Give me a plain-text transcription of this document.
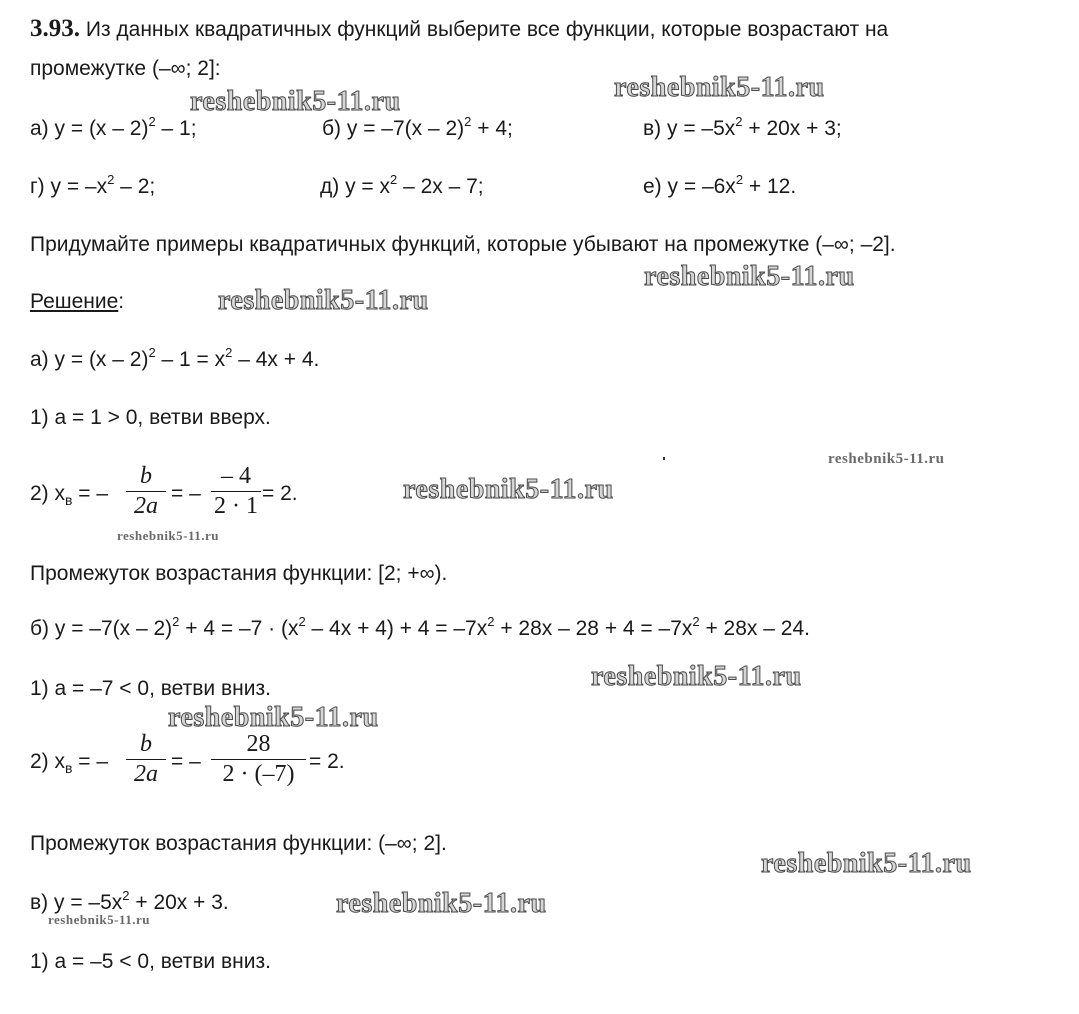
3.93. Из данных квадратичных функций выберите все функции, которые возрастают на
промежутке (–∞; 2]:
а) у = (х – 2)$^2$ – 1;	б) у = –7(х – 2)$^2$ + 4;	в) $у = -5х^2 + 20х + 3$;
г) $у = -х^2 - 2$;	д) $у = х^2 - 2х - 7$;	е) $у = -6х^2 + 12$.
Придумайте примеры квадратичных функций, которые убывают на промежутке (–∞; –2].
Решение:
а) $у = (х - 2)^2 - 1 = х^2 - 4х + 4$.
1) а = 1 > 0, ветви вверх.
2) $х_в$ = – $\frac{b}{2a}$ = – $\frac{- 4}{2 \cdot 1} = 2$.
Промежуток возрастания функции: [2; +∞).
б) $у = -7(х - 2)^2 + 4 = -7 \cdot (х^2 - 4х + 4) + 4 = -7х^2 + 28х - 28 + 4 = -7х^2 + 28х - 24$.
1) а = –7 < 0, ветви вниз.
2) $х_в$ = – $\frac{b}{2a}$ = – $\frac{28}{2 \cdot (-7)} = 2$.
Промежуток возрастания функции: (–∞; 2].
в) $у = -5х^2 + 20х + 3$.
1) а = –5 < 0, ветви вниз.
reshebnik5-11.ru	reshebnik5-11.ru
reshebnik5-11.ru
reshebnik5-11.ru
reshebnik5-11.ru
reshebnik5-11.ru
reshebnik5-11.ru
reshebnik5-11.ru
reshebnik5-11.ru
reshebnik5-11.ru
reshebnik5-11.ru
reshebnik5-11.ru
